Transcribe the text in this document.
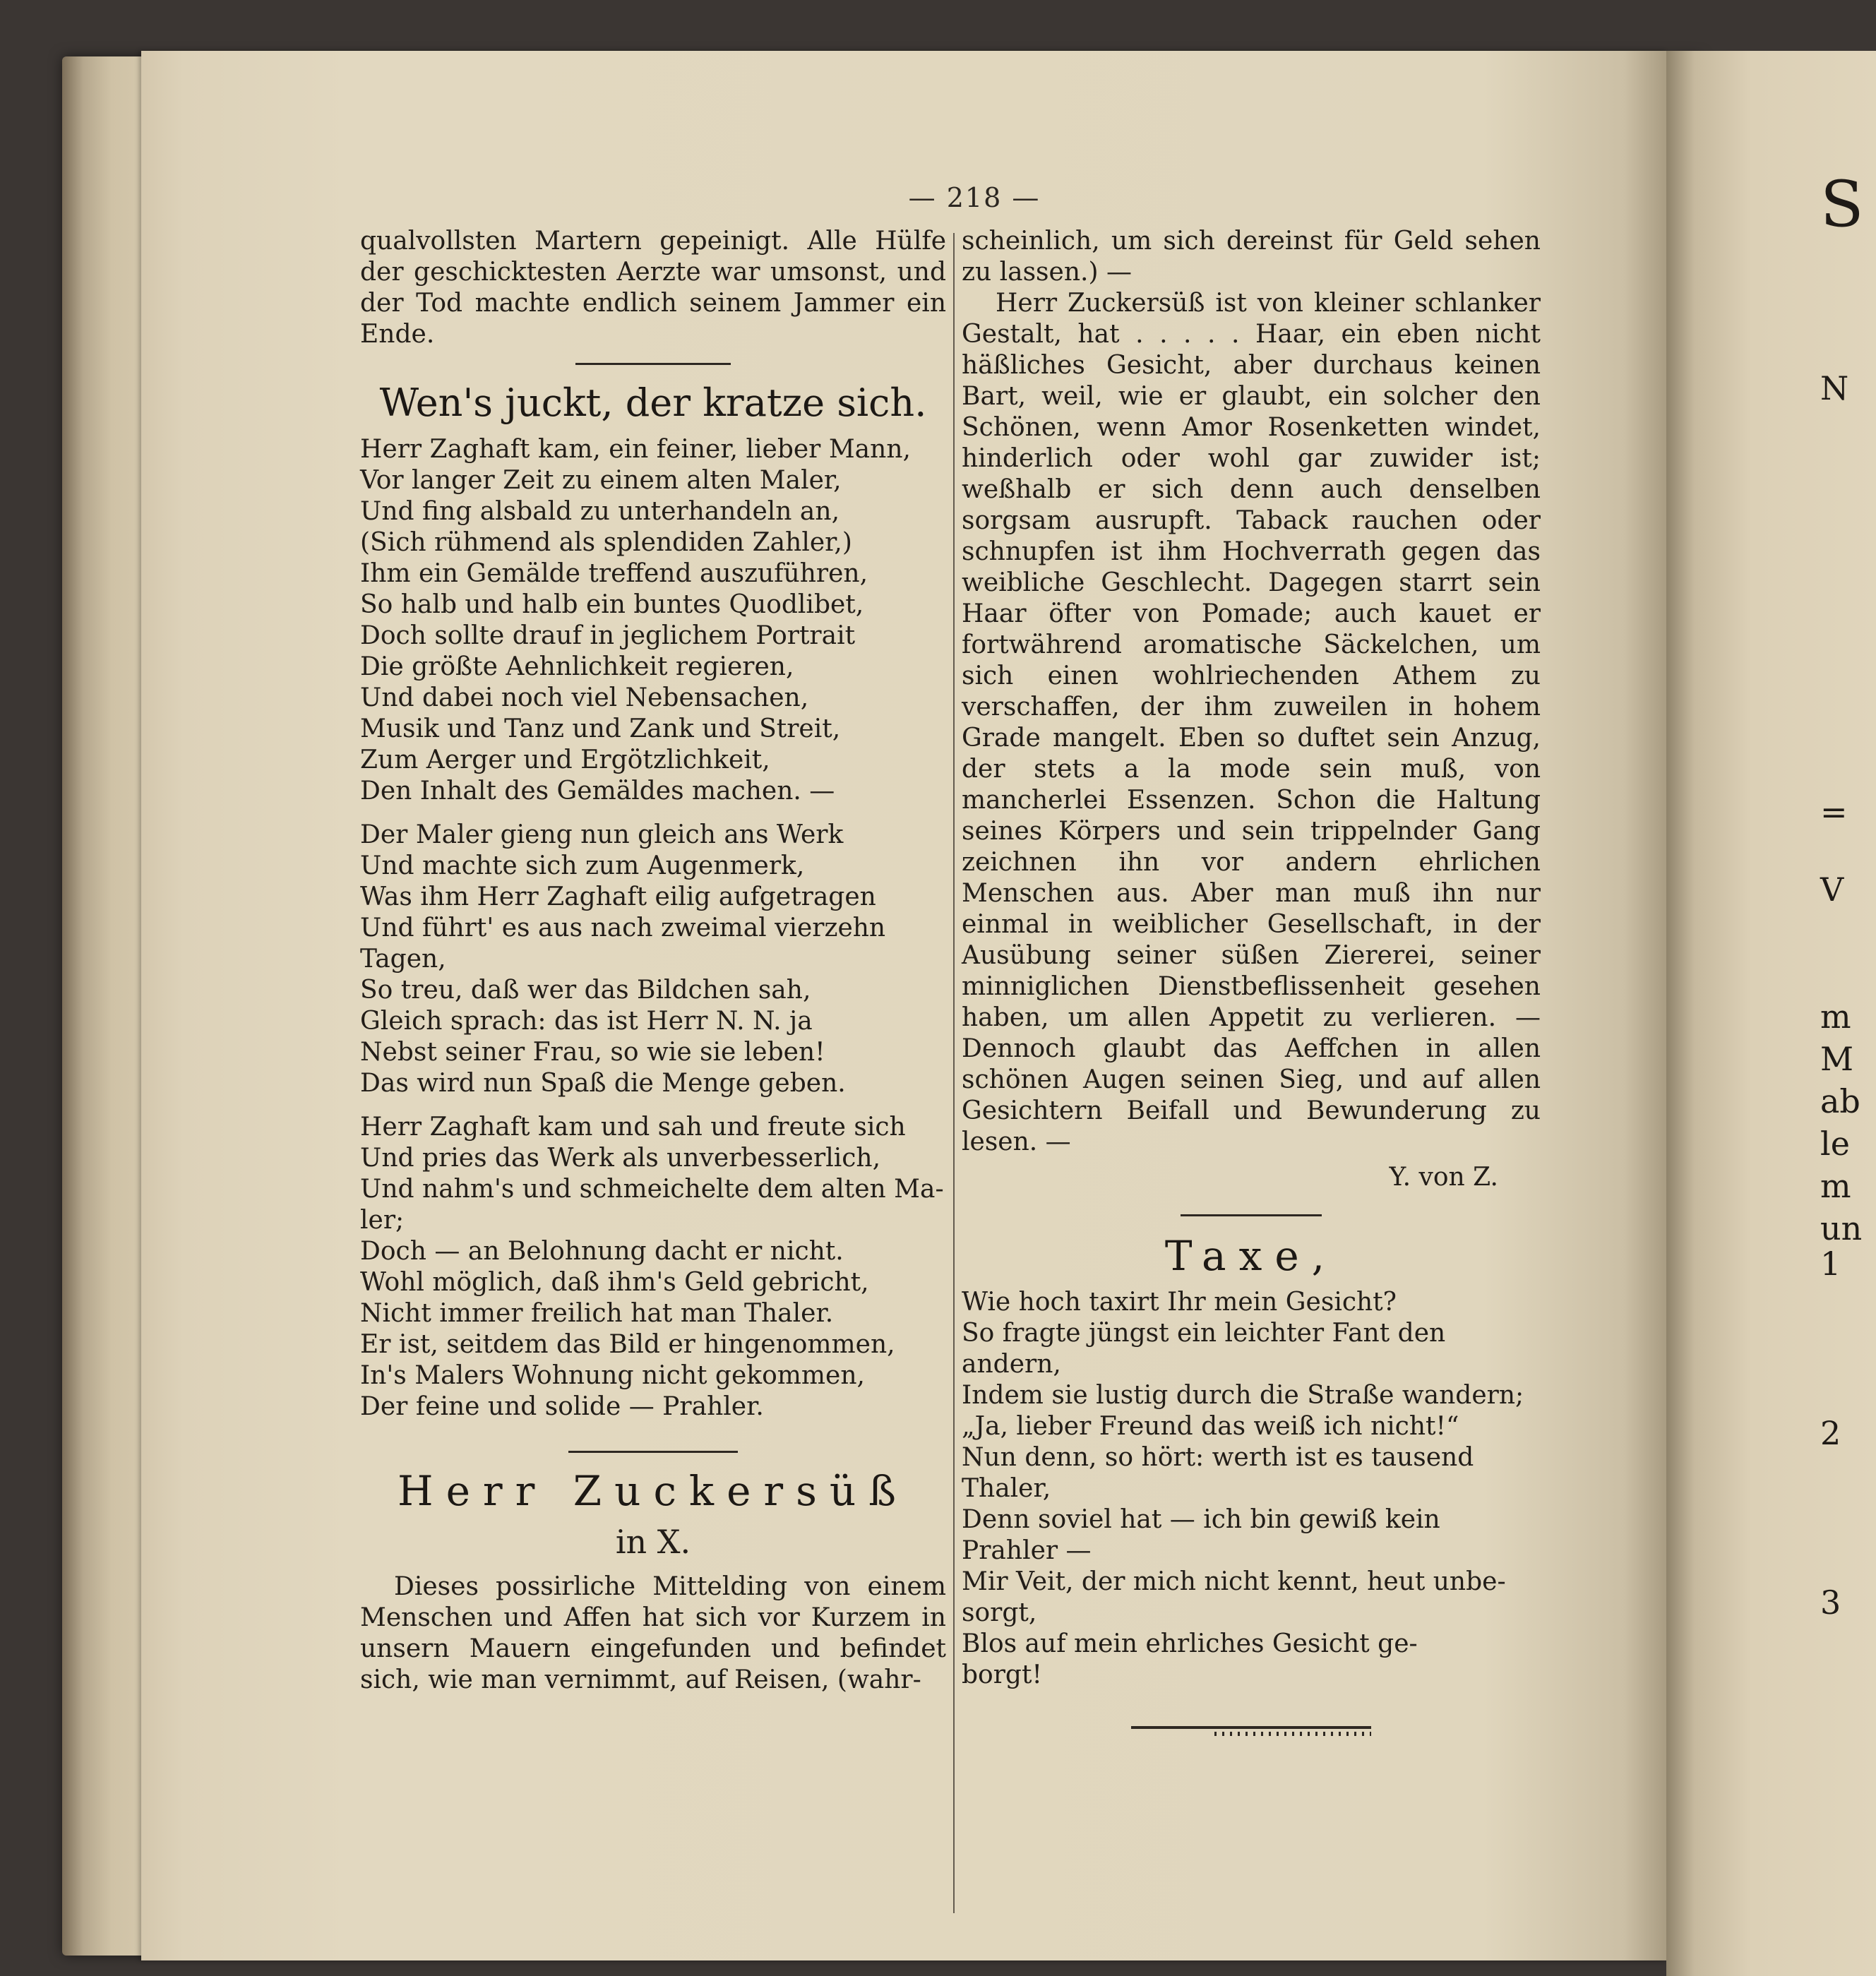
— 218 —

qualvollsten Martern gepeinigt. Alle Hülfe der geschicktesten Aerzte war umsonst, und der Tod machte endlich seinem Jammer ein Ende.

Wen's juckt, der kratze sich.

Herr Zaghaft kam, ein feiner, lieber Mann,
Vor langer Zeit zu einem alten Maler,
Und fing alsbald zu unterhandeln an,
(Sich rühmend als splendiden Zahler,)
Ihm ein Gemälde treffend auszuführen,
So halb und halb ein buntes Quodlibet,
Doch sollte drauf in jeglichem Portrait
Die größte Aehnlichkeit regieren,
Und dabei noch viel Nebensachen,
Musik und Tanz und Zank und Streit,
Zum Aerger und Ergötzlichkeit,
Den Inhalt des Gemäldes machen. —

Der Maler gieng nun gleich ans Werk
Und machte sich zum Augenmerk,
Was ihm Herr Zaghaft eilig aufgetragen
Und führt' es aus nach zweimal vierzehn
Tagen,
So treu, daß wer das Bildchen sah,
Gleich sprach: das ist Herr N. N. ja
Nebst seiner Frau, so wie sie leben!
Das wird nun Spaß die Menge geben.

Herr Zaghaft kam und sah und freute sich
Und pries das Werk als unverbesserlich,
Und nahm's und schmeichelte dem alten Ma-
ler;
Doch — an Belohnung dacht er nicht.
Wohl möglich, daß ihm's Geld gebricht,
Nicht immer freilich hat man Thaler.
Er ist, seitdem das Bild er hingenommen,
In's Malers Wohnung nicht gekommen,
Der feine und solide — Prahler.

Herr Zuckersüß
in X.

Dieses possirliche Mittelding von einem Menschen und Affen hat sich vor Kurzem in unsern Mauern eingefunden und befindet sich, wie man vernimmt, auf Reisen, (wahr-

scheinlich, um sich dereinst für Geld sehen zu lassen.) —

Herr Zuckersüß ist von kleiner schlanker Gestalt, hat . . . . . Haar, ein eben nicht häßliches Gesicht, aber durchaus keinen Bart, weil, wie er glaubt, ein solcher den Schönen, wenn Amor Rosenketten windet, hinderlich oder wohl gar zuwider ist; weßhalb er sich denn auch denselben sorgsam ausrupft. Taback rauchen oder schnupfen ist ihm Hochverrath gegen das weibliche Geschlecht. Dagegen starrt sein Haar öfter von Pomade; auch kauet er fortwährend aromatische Säckelchen, um sich einen wohlriechenden Athem zu verschaffen, der ihm zuweilen in hohem Grade mangelt. Eben so duftet sein Anzug, der stets a la mode sein muß, von mancherlei Essenzen. Schon die Haltung seines Körpers und sein trippelnder Gang zeichnen ihn vor andern ehrlichen Menschen aus. Aber man muß ihn nur einmal in weiblicher Gesellschaft, in der Ausübung seiner süßen Ziererei, seiner minniglichen Dienstbeflissenheit gesehen haben, um allen Appetit zu verlieren. — Dennoch glaubt das Aeffchen in allen schönen Augen seinen Sieg, und auf allen Gesichtern Beifall und Bewunderung zu lesen. —

Y. von Z.
Taxe,

Wie hoch taxirt Ihr mein Gesicht?
So fragte jüngst ein leichter Fant den
andern,
Indem sie lustig durch die Straße wandern;
„Ja, lieber Freund das weiß ich nicht!“
Nun denn, so hört: werth ist es tausend
Thaler,
Denn soviel hat — ich bin gewiß kein
Prahler —
Mir Veit, der mich nicht kennt, heut unbe-
sorgt,
Blos auf mein ehrliches Gesicht ge-
borgt!

S
N
=
V
m
M
ab
le
m
un
1
2
3
